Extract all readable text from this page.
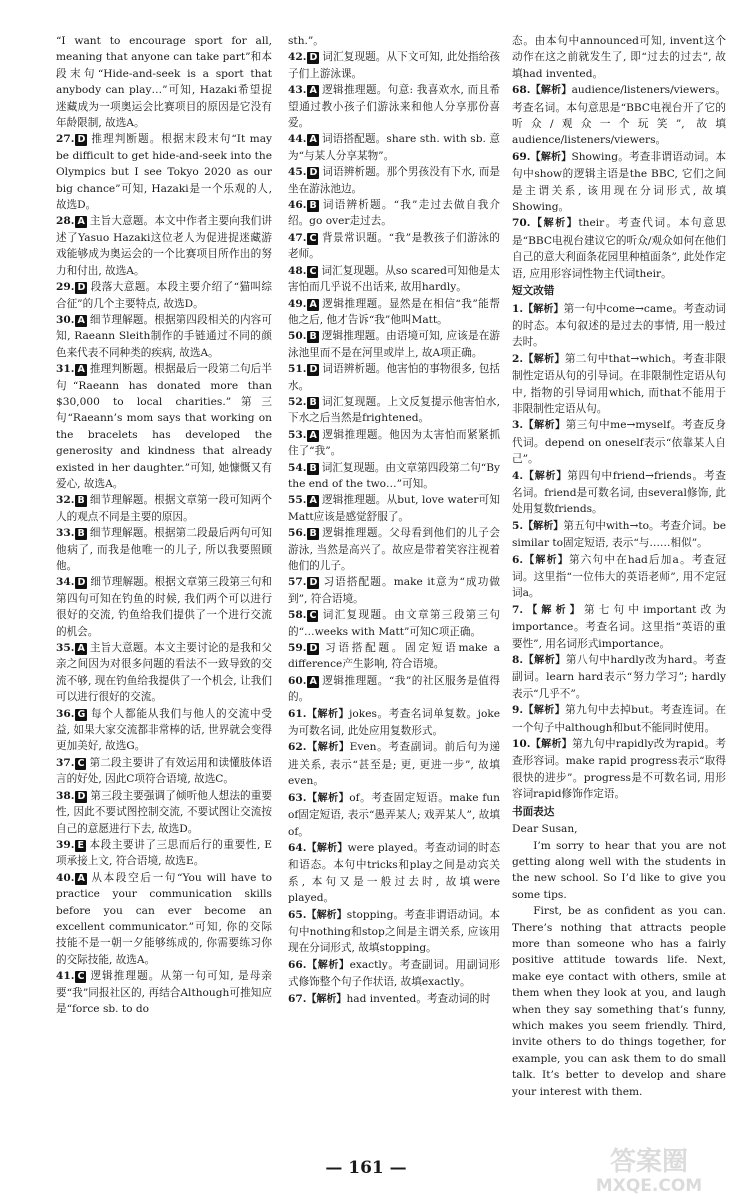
“I want to encourage sport for all, meaning that anyone can take part”和本段末句“Hide-and-seek is a sport that anybody can play…”可知, Hazaki希望捉迷藏成为一项奥运会比赛项目的原因是它没有年龄限制, 故选A。

27. D 推理判断题。根据末段末句“It may be difficult to get hide-and-seek into the Olympics but I see Tokyo 2020 as our big chance”可知, Hazaki是一个乐观的人, 故选D。

28. A 主旨大意题。本文中作者主要向我们讲述了Yasuo Hazaki这位老人为促进捉迷藏游戏能够成为奥运会的一个比赛项目所作出的努力和付出, 故选A。

29. D 段落大意题。本段主要介绍了“猫叫综合征”的几个主要特点, 故选D。

30. A 细节理解题。根据第四段相关的内容可知, Raeann Sleith制作的手链通过不同的颜色来代表不同种类的疾病, 故选A。

31. A 推理判断题。根据最后一段第二句后半句“Raeann has donated more than $30,000 to local charities.”第三句“Raeann’s mom says that working on the bracelets has developed the generosity and kindness that already existed in her daughter.”可知, 她慷慨又有爱心, 故选A。

32. B 细节理解题。根据文章第一段可知两个人的观点不同是主要的原因。

33. B 细节理解题。根据第二段最后两句可知他病了, 而我是他唯一的儿子, 所以我要照顾他。

34. D 细节理解题。根据文章第三段第三句和第四句可知在钓鱼的时候, 我们两个可以进行很好的交流, 钓鱼给我们提供了一个进行交流的机会。

35. A 主旨大意题。本文主要讨论的是我和父亲之间因为对很多问题的看法不一致导致的交流不够, 现在钓鱼给我提供了一个机会, 让我们可以进行很好的交流。

36. G 每个人都能从我们与他人的交流中受益, 如果大家交流都非常棒的话, 世界就会变得更加美好, 故选G。

37. C 第二段主要讲了有效运用和读懂肢体语言的好处, 因此C项符合语境, 故选C。

38. D 第三段主要强调了倾听他人想法的重要性, 因此不要试图控制交流, 不要试图让交流按自己的意愿进行下去, 故选D。

39. E 本段主要讲了三思而后行的重要性, E项承接上文, 符合语境, 故选E。

40. A 从本段空后一句“You will have to practice your communication skills before you can ever become an excellent communicator.”可知, 你的交际技能不是一朝一夕能够练成的, 你需要练习你的交际技能, 故选A。

41. C 逻辑推理题。从第一句可知, 是母亲要“我”同报社区的, 再结合Although可推知应是“force sb. to do

sth.”。

42. D 词汇复现题。从下文可知, 此处指给孩子们上游泳课。

43. A 逻辑推理题。句意: 我喜欢水, 而且希望通过教小孩子们游泳来和他人分享那份喜爱。

44. A 词语搭配题。share sth. with sb. 意为“与某人分享某物”。

45. D 词语辨析题。那个男孩没有下水, 而是坐在游泳池边。

46. B 词语辨析题。“我”走过去做自我介绍。go over走过去。

47. C 背景常识题。“我”是教孩子们游泳的老师。

48. C 词汇复现题。从so scared可知他是太害怕而几乎说不出话来, 故用hardly。

49. A 逻辑推理题。显然是在相信“我”能帮他之后, 他才告诉“我”他叫Matt。

50. B 逻辑推理题。由语境可知, 应该是在游泳池里而不是在河里或岸上, 故A项正确。

51. D 词语辨析题。他害怕的事物很多, 包括水。

52. B 词汇复现题。上文反复提示他害怕水, 下水之后当然是frightened。

53. A 逻辑推理题。他因为太害怕而紧紧抓住了“我”。

54. B 词汇复现题。由文章第四段第二句“By the end of the two…”可知。

55. A 逻辑推理题。从but, love water可知Matt应该是感觉舒服了。

56. B 逻辑推理题。父母看到他们的儿子会游泳, 当然是高兴了。故应是带着笑容注视着他们的儿子。

57. D 习语搭配题。make it意为“成功做到”, 符合语境。

58. C 词汇复现题。由文章第三段第三句的“…weeks with Matt”可知C项正确。

59. D 习语搭配题。固定短语make a difference产生影响, 符合语境。

60. A 逻辑推理题。“我”的社区服务是值得的。

61.【解析】jokes。考查名词单复数。joke为可数名词, 此处应用复数形式。

62.【解析】Even。考查副词。前后句为递进关系, 表示“甚至是; 更, 更进一步”, 故填even。

63.【解析】of。考查固定短语。make fun of固定短语, 表示“愚弄某人; 戏弄某人”, 故填of。

64.【解析】were played。考查动词的时态和语态。本句中tricks和play之间是动宾关系, 本句又是一般过去时, 故填were played。

65.【解析】stopping。考查非谓语动词。本句中nothing和stop之间是主谓关系, 应该用现在分词形式, 故填stopping。

66.【解析】exactly。考查副词。用副词形式修饰整个句子作状语, 故填exactly。

67.【解析】had invented。考查动词的时

态。由本句中announced可知, invent这个动作在这之前就发生了, 即“过去的过去”, 故填had invented。

68.【解析】audience/listeners/viewers。考查名词。本句意思是“BBC电视台开了它的听众/观众一个玩笑”, 故填audience/listeners/viewers。

69.【解析】Showing。考查非谓语动词。本句中show的逻辑主语是the BBC, 它们之间是主谓关系, 该用现在分词形式, 故填Showing。

70.【解析】their。考查代词。本句意思是“BBC电视台建议它的听众/观众如何在他们自己的意大利面条花园里种植面条”, 此处作定语, 应用形容词性物主代词their。

短文改错

1.【解析】第一句中come→came。考查动词的时态。本句叙述的是过去的事情, 用一般过去时。

2.【解析】第二句中that→which。考查非限制性定语从句的引导词。在非限制性定语从句中, 指物的引导词用which, 而that不能用于非限制性定语从句。

3.【解析】第三句中me→myself。考查反身代词。depend on oneself表示“依靠某人自己”。

4.【解析】第四句中friend→friends。考查名词。friend是可数名词, 由several修饰, 此处用复数friends。

5.【解析】第五句中with→to。考查介词。be similar to固定短语, 表示“与……相似”。

6.【解析】第六句中在had后加a。考查冠词。这里指“一位伟大的英语老师”, 用不定冠词a。

7.【解析】第七句中important改为importance。考查名词。这里指“英语的重要性”, 用名词形式importance。

8.【解析】第八句中hardly改为hard。考查副词。learn hard表示“努力学习”; hardly表示“几乎不”。

9.【解析】第九句中去掉but。考查连词。在一个句子中although和but不能同时使用。

10.【解析】第九句中rapidly改为rapid。考查形容词。make rapid progress表示“取得很快的进步”。progress是不可数名词, 用形容词rapid修饰作定语。

书面表达

Dear Susan,

I’m sorry to hear that you are not getting along well with the students in the new school. So I’d like to give you some tips.

First, be as confident as you can. There’s nothing that attracts people more than someone who has a fairly positive attitude towards life. Next, make eye contact with others, smile at them when they look at you, and laugh when they say something that’s funny, which makes you seem friendly. Third, invite others to do things together, for example, you can ask them to do small talk. It’s better to develop and share your interest with them.

— 161 —	答案圈
MXQE.COM
